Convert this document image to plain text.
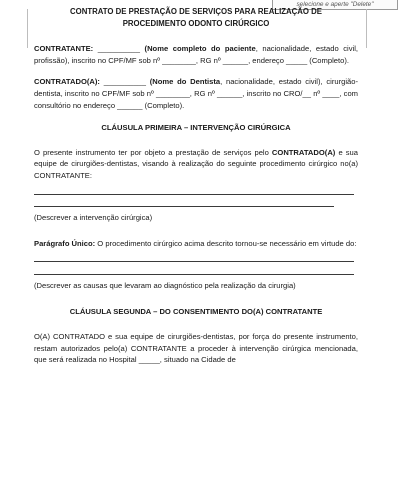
selecione e aperte "Delete"
CONTRATO DE PRESTAÇÃO DE SERVIÇOS PARA REALIZAÇÃO DE
PROCEDIMENTO ODONTO CIRÚRGICO

CONTRATANTE: __________ (Nome completo do paciente, nacionalidade, estado civil, profissão), inscrito no CPF/MF sob nº ________, RG nº ______, endereço _____ (Completo).

CONTRATADO(A): __________ (Nome do Dentista, nacionalidade, estado civil), cirurgião-dentista, inscrito no CPF/MF sob nº ________, RG nº ______, inscrito no CRO/__ nº ____, com consultório no endereço ______ (Completo).

CLÁUSULA PRIMEIRA – INTERVENÇÃO CIRÚRGICA

O presente instrumento ter por objeto a prestação de serviços pelo CONTRATADO(A) e sua equipe de cirurgiões-dentistas, visando à realização do seguinte procedimento cirúrgico no(a) CONTRATANTE:

(Descrever a intervenção cirúrgica)

Parágrafo Único: O procedimento cirúrgico acima descrito tornou-se necessário em virtude do:

(Descrever as causas que levaram ao diagnóstico pela realização da cirurgia)

CLÁUSULA SEGUNDA – DO CONSENTIMENTO DO(A) CONTRATANTE

O(A) CONTRATADO e sua equipe de cirurgiões-dentistas, por força do presente instrumento, restam autorizados pelo(a) CONTRATANTE a proceder à intervenção cirúrgica mencionada, que será realizada no Hospital _____, situado na Cidade de
